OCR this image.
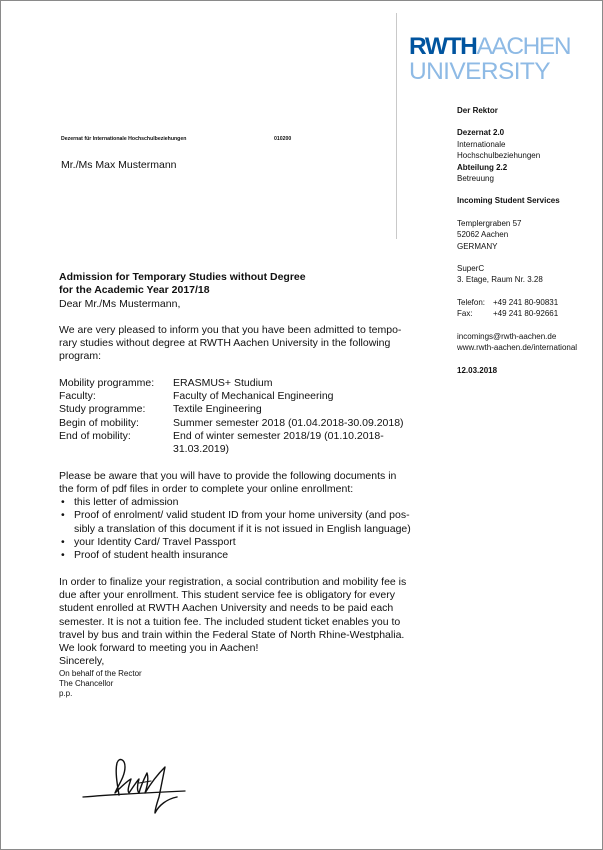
RWTHAACHEN
UNIVERSITY
Der Rektor
Dezernat 2.0
Internationale
Hochschulbeziehungen
Abteilung 2.2
Betreuung
Incoming Student Services
Templergraben 57
52062 Aachen
GERMANY
SuperC
3. Etage, Raum Nr. 3.28
Telefon: +49 241 80-90831
Fax:	+49 241 80-92661
incomings@rwth-aachen.de
www.rwth-aachen.de/international
12.03.2018
Dezernat für Internationale Hochschulbeziehungen	010200
Mr./Ms Max Mustermann
Admission for Temporary Studies without Degree
for the Academic Year 2017/18

Dear Mr./Ms Mustermann,

We are very pleased to inform you that you have been admitted to tempo-
rary studies without degree at RWTH Aachen University in the following
program:
Mobility programme:	ERASMUS+ Studium
Faculty:	Faculty of Mechanical Engineering
Study programme:	Textile Engineering
Begin of mobility:	Summer semester 2018 (01.04.2018-30.09.2018)
End of mobility:	End of winter semester 2018/19 (01.10.2018-
31.03.2019)
Please be aware that you will have to provide the following documents in
the form of pdf files in order to complete your online enrollment:
• this letter of admission
• Proof of enrolment/ valid student ID from your home university (and pos-
sibly a translation of this document if it is not issued in English language)
• your Identity Card/ Travel Passport
• Proof of student health insurance
In order to finalize your registration, a social contribution and mobility fee is
due after your enrollment. This student service fee is obligatory for every
student enrolled at RWTH Aachen University and needs to be paid each
semester. It is not a tuition fee. The included student ticket enables you to
travel by bus and train within the Federal State of North Rhine-Westphalia.

We look forward to meeting you in Aachen!

Sincerely,

On behalf of the Rector
The Chancellor
p.p.
